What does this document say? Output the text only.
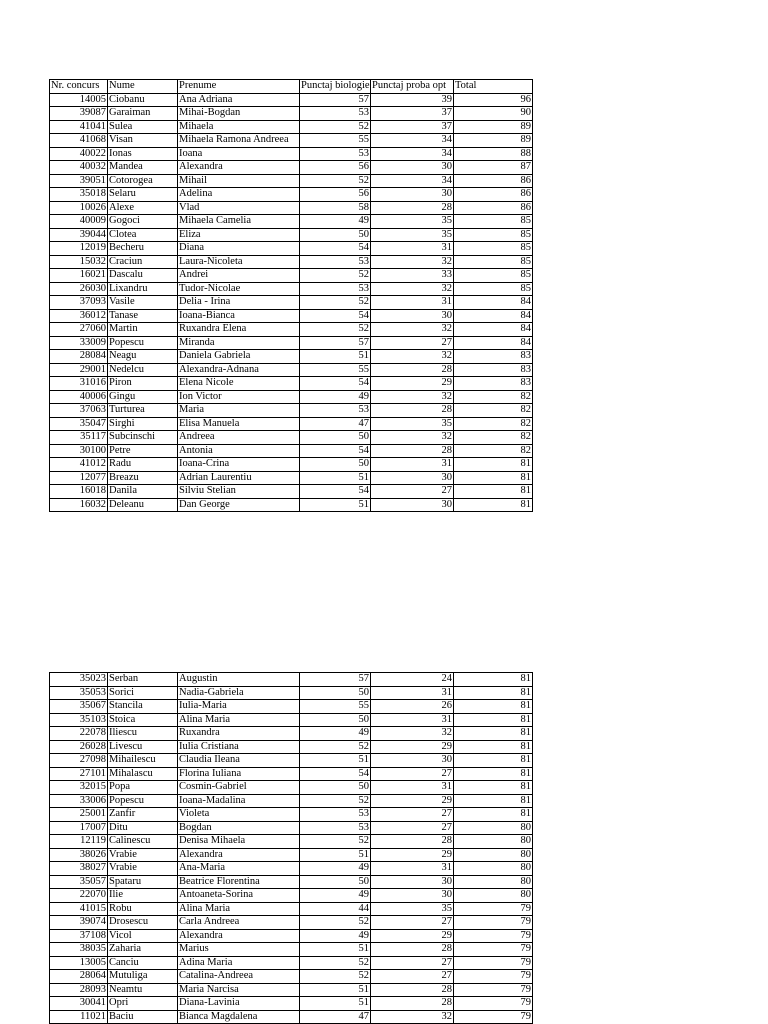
Nr. concurs	Nume	Prenume	Punctaj biologie	Punctaj proba opt	Total
14005	Ciobanu	Ana Adriana	57	39	96
39087	Garaiman	Mihai-Bogdan	53	37	90
41041	Sulea	Mihaela	52	37	89
41068	Visan	Mihaela Ramona Andreea	55	34	89
40022	Ionas	Ioana	53	34	88
40032	Mandea	Alexandra	56	30	87
39051	Cotorogea	Mihail	52	34	86
35018	Selaru	Adelina	56	30	86
10026	Alexe	Vlad	58	28	86
40009	Gogoci	Mihaela Camelia	49	35	85
39044	Clotea	Eliza	50	35	85
12019	Becheru	Diana	54	31	85
15032	Craciun	Laura-Nicoleta	53	32	85
16021	Dascalu	Andrei	52	33	85
26030	Lixandru	Tudor-Nicolae	53	32	85
37093	Vasile	Delia - Irina	52	31	84
36012	Tanase	Ioana-Bianca	54	30	84
27060	Martin	Ruxandra Elena	52	32	84
33009	Popescu	Miranda	57	27	84
28084	Neagu	Daniela Gabriela	51	32	83
29001	Nedelcu	Alexandra-Adnana	55	28	83
31016	Piron	Elena Nicole	54	29	83
40006	Gingu	Ion Victor	49	32	82
37063	Turturea	Maria	53	28	82
35047	Sirghi	Elisa Manuela	47	35	82
35117	Subcinschi	Andreea	50	32	82
30100	Petre	Antonia	54	28	82
41012	Radu	Ioana-Crina	50	31	81
12077	Breazu	Adrian Laurentiu	51	30	81
16018	Danila	Silviu Stelian	54	27	81
16032	Deleanu	Dan George	51	30	81
35023	Serban	Augustin	57	24	81
35053	Sorici	Nadia-Gabriela	50	31	81
35067	Stancila	Iulia-Maria	55	26	81
35103	Stoica	Alina Maria	50	31	81
22078	Iliescu	Ruxandra	49	32	81
26028	Livescu	Iulia Cristiana	52	29	81
27098	Mihailescu	Claudia Ileana	51	30	81
27101	Mihalascu	Florina Iuliana	54	27	81
32015	Popa	Cosmin-Gabriel	50	31	81
33006	Popescu	Ioana-Madalina	52	29	81
25001	Zanfir	Violeta	53	27	81
17007	Ditu	Bogdan	53	27	80
12119	Calinescu	Denisa Mihaela	52	28	80
38026	Vrabie	Alexandra	51	29	80
38027	Vrabie	Ana-Maria	49	31	80
35057	Spataru	Beatrice Florentina	50	30	80
22070	Ilie	Antoaneta-Sorina	49	30	80
41015	Robu	Alina Maria	44	35	79
39074	Drosescu	Carla Andreea	52	27	79
37108	Vicol	Alexandra	49	29	79
38035	Zaharia	Marius	51	28	79
13005	Canciu	Adina Maria	52	27	79
28064	Mutuliga	Catalina-Andreea	52	27	79
28093	Neamtu	Maria Narcisa	51	28	79
30041	Opri	Diana-Lavinia	51	28	79
11021	Baciu	Bianca Magdalena	47	32	79
